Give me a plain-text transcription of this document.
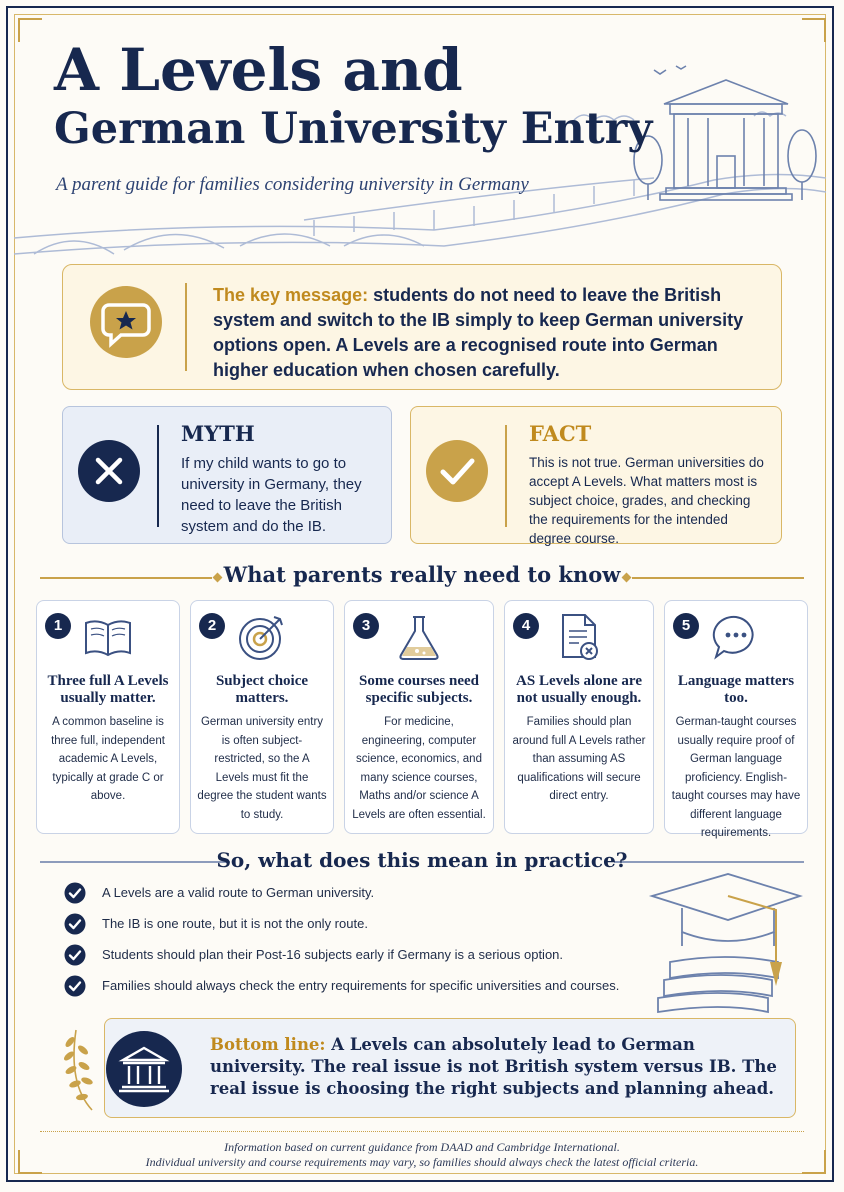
A Levels and
German University Entry
A parent guide for families considering university in Germany
The key message: students do not need to leave the British system and switch to the IB simply to keep German university options open. A Levels are a recognised route into German higher education when chosen carefully.
MYTH
If my child wants to go to university in Germany, they need to leave the British system and do the IB.
FACT
This is not true. German universities do accept A Levels. What matters most is subject choice, grades, and checking the requirements for the intended degree course.
What parents really need to know
1
Three full A Levels usually matter.
A common baseline is three full, independent academic A Levels, typically at grade C or above.
2
Subject choice matters.
German university entry is often subject-restricted, so the A Levels must fit the degree the student wants to study.
3
Some courses need specific subjects.
For medicine, engineering, computer science, economics, and many science courses, Maths and/or science A Levels are often essential.
4
AS Levels alone are not usually enough.
Families should plan around full A Levels rather than assuming AS qualifications will secure direct entry.
5
Language matters too.
German-taught courses usually require proof of German language proficiency. English-taught courses may have different language requirements.
So, what does this mean in practice?
A Levels are a valid route to German university.
The IB is one route, but it is not the only route.
Students should plan their Post-16 subjects early if Germany is a serious option.
Families should always check the entry requirements for specific universities and courses.
Bottom line: A Levels can absolutely lead to German university. The real issue is not British system versus IB. The real issue is choosing the right subjects and planning ahead.
Information based on current guidance from DAAD and Cambridge International.
Individual university and course requirements may vary, so families should always check the latest official criteria.
